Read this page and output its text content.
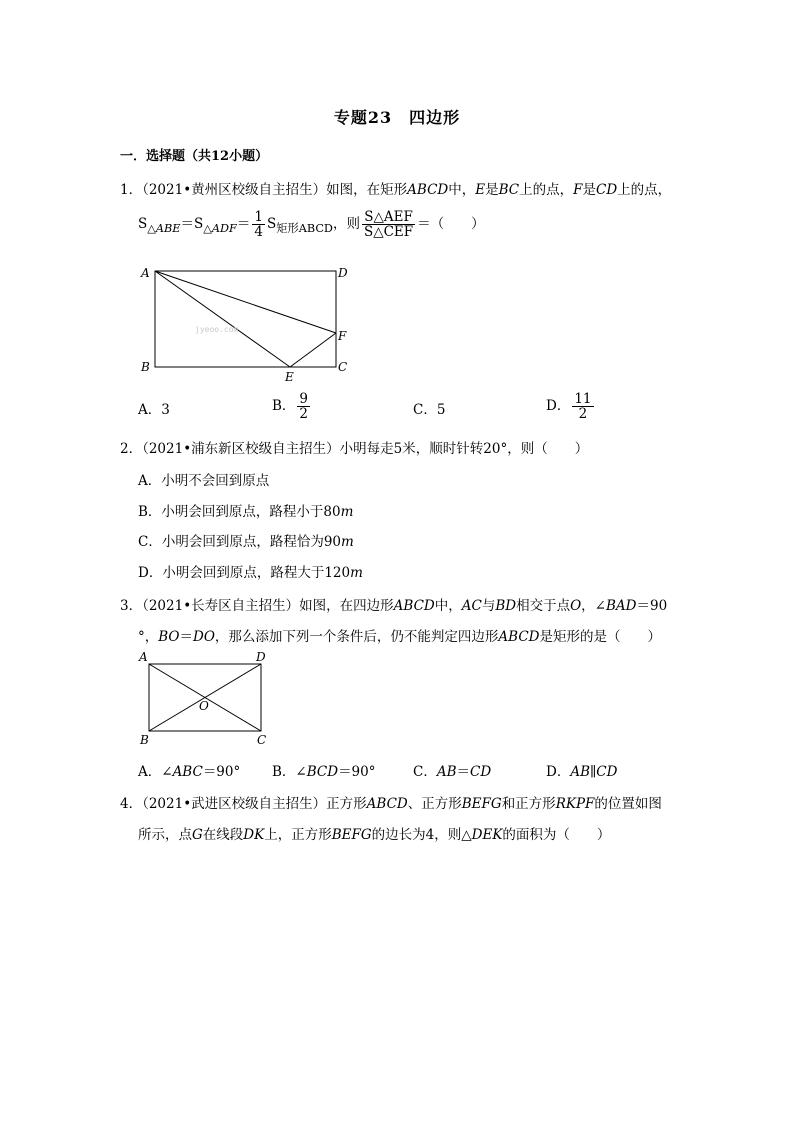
专题23　四边形
一．选择题（共12小题）
1．（2021•黄州区校级自主招生）如图，在矩形ABCD中，E是BC上的点，F是CD上的点，
$S_{\triangle ABE}=S_{\triangle ADF}= \frac{1}{4} S_{矩形ABCD}$，则 $\frac{\text{S△AEF}}{\text{S△CEF}}$ ＝（　　）
jyeoo.com
A	D
F
B	C
E
A．3	B． $\frac{9}{2}$	C．5	D． $\frac{11}{2}$
2．（2021•浦东新区校级自主招生）小明每走5米，顺时针转20°，则（　　）
A．小明不会回到原点
B．小明会回到原点，路程小于80m
C．小明会回到原点，路程恰为90m
D．小明会回到原点，路程大于120m
3．（2021•长寿区自主招生）如图，在四边形ABCD中，AC与BD相交于点O，∠BAD＝90
°，BO＝DO，那么添加下列一个条件后，仍不能判定四边形ABCD是矩形的是（　　）
A	D
O
B	C
A．∠ABC＝90° B．∠BCD＝90°	C．AB＝CD	D．AB∥CD
4．（2021•武进区校级自主招生）正方形ABCD、正方形BEFG和正方形RKPF的位置如图
所示，点G在线段DK上，正方形BEFG的边长为4，则△DEK的面积为（　　）
